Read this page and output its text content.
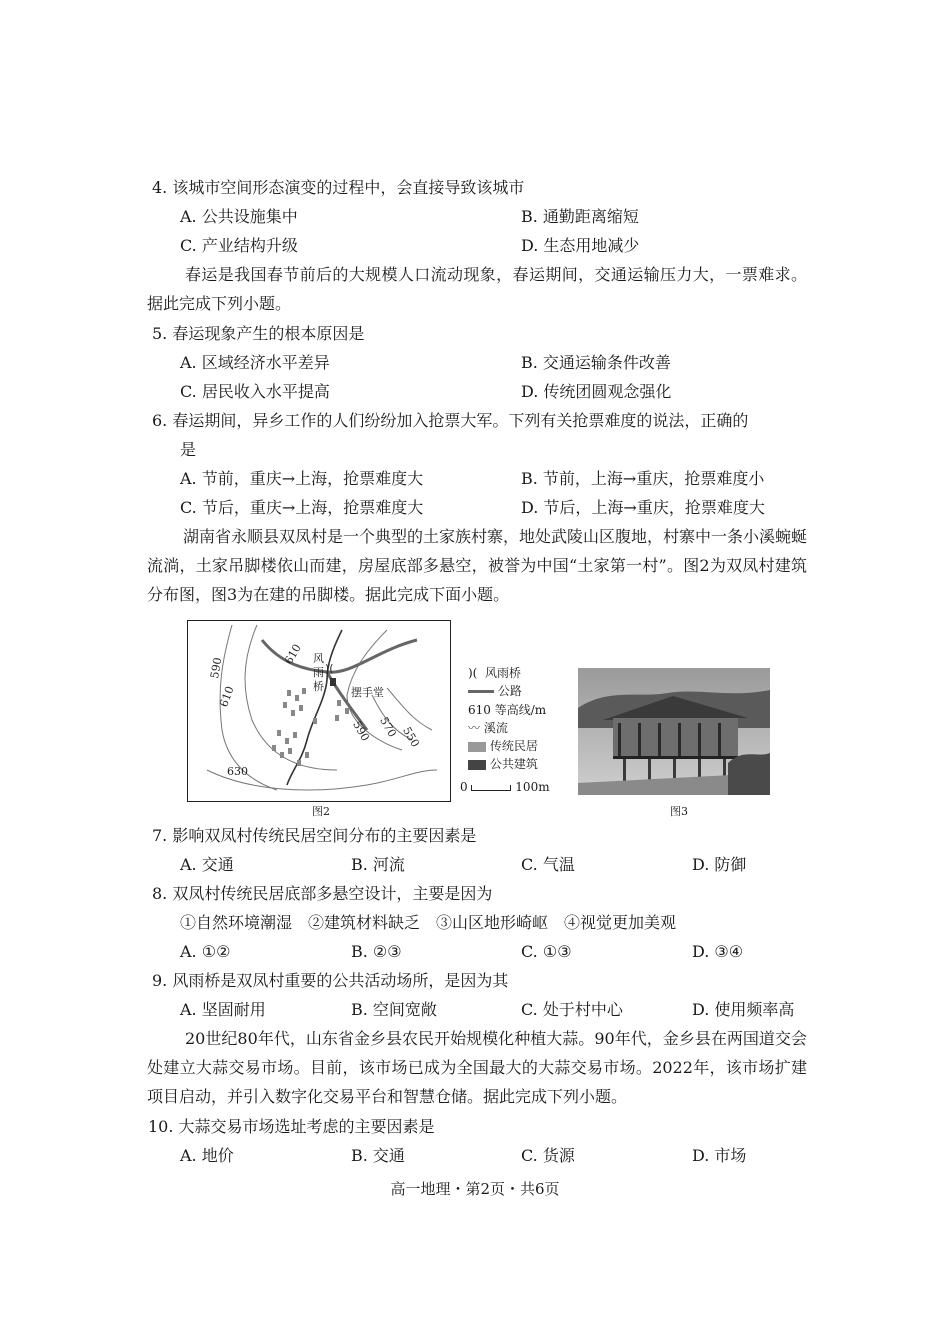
4. 该城市空间形态演变的过程中，会直接导致该城市
A. 公共设施集中	B. 通勤距离缩短
C. 产业结构升级	D. 生态用地减少
春运是我国春节前后的大规模人口流动现象，春运期间，交通运输压力大，一票难求。据此完成下列小题。
5. 春运现象产生的根本原因是
A. 区域经济水平差异	B. 交通运输条件改善
C. 居民收入水平提高	D. 传统团圆观念强化
6. 春运期间，异乡工作的人们纷纷加入抢票大军。下列有关抢票难度的说法，正确的
是
A. 节前，重庆→上海，抢票难度大	B. 节前，上海→重庆，抢票难度小
C. 节后，重庆→上海，抢票难度大	D. 节后，上海→重庆，抢票难度大
湖南省永顺县双凤村是一个典型的土家族村寨，地处武陵山区腹地，村寨中一条小溪蜿蜒流淌，土家吊脚楼依山而建，房屋底部多悬空，被誉为中国“土家第一村”。图2为双凤村建筑分布图，图3为在建的吊脚楼。据此完成下面小题。
)(
590
610
610
590 570 550
630
风雨桥 摆手堂
图2
)( 风雨桥
公路
610 等高线/m
〰 溪流
传统民居
公共建筑
0	100m
图3
7. 影响双凤村传统民居空间分布的主要因素是
A. 交通	B. 河流	C. 气温	D. 防御
8. 双凤村传统民居底部多悬空设计，主要是因为
①自然环境潮湿　②建筑材料缺乏　③山区地形崎岖　④视觉更加美观
A. ①②	B. ②③	C. ①③	D. ③④
9. 风雨桥是双凤村重要的公共活动场所，是因为其
A. 坚固耐用	B. 空间宽敞	C. 处于村中心	D. 使用频率高
20世纪80年代，山东省金乡县农民开始规模化种植大蒜。90年代，金乡县在两国道交会处建立大蒜交易市场。目前，该市场已成为全国最大的大蒜交易市场。2022年，该市场扩建项目启动，并引入数字化交易平台和智慧仓储。据此完成下列小题。
10. 大蒜交易市场选址考虑的主要因素是
A. 地价	B. 交通	C. 货源	D. 市场
高一地理・第2页・共6页
